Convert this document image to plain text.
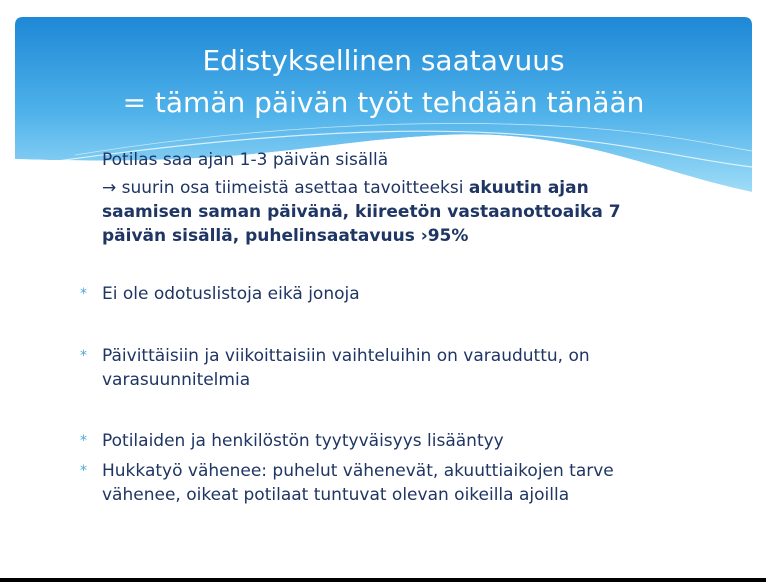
Edistyksellinen saatavuus
= tämän päivän työt tehdään tänään
Potilas saa ajan 1-3 päivän sisällä
→ suurin osa tiimeistä asettaa tavoitteeksi akuutin ajan saamisen saman päivänä, kiireetön vastaanottoaika 7 päivän sisällä, puhelinsaatavuus ›95%
* Ei ole odotuslistoja eikä jonoja
* Päivittäisiin ja viikoittaisiin vaihteluihin on varauduttu, on varasuunnitelmia
* Potilaiden ja henkilöstön tyytyväisyys lisääntyy
* Hukkatyö vähenee: puhelut vähenevät, akuuttiaikojen tarve vähenee, oikeat potilaat tuntuvat olevan oikeilla ajoilla
